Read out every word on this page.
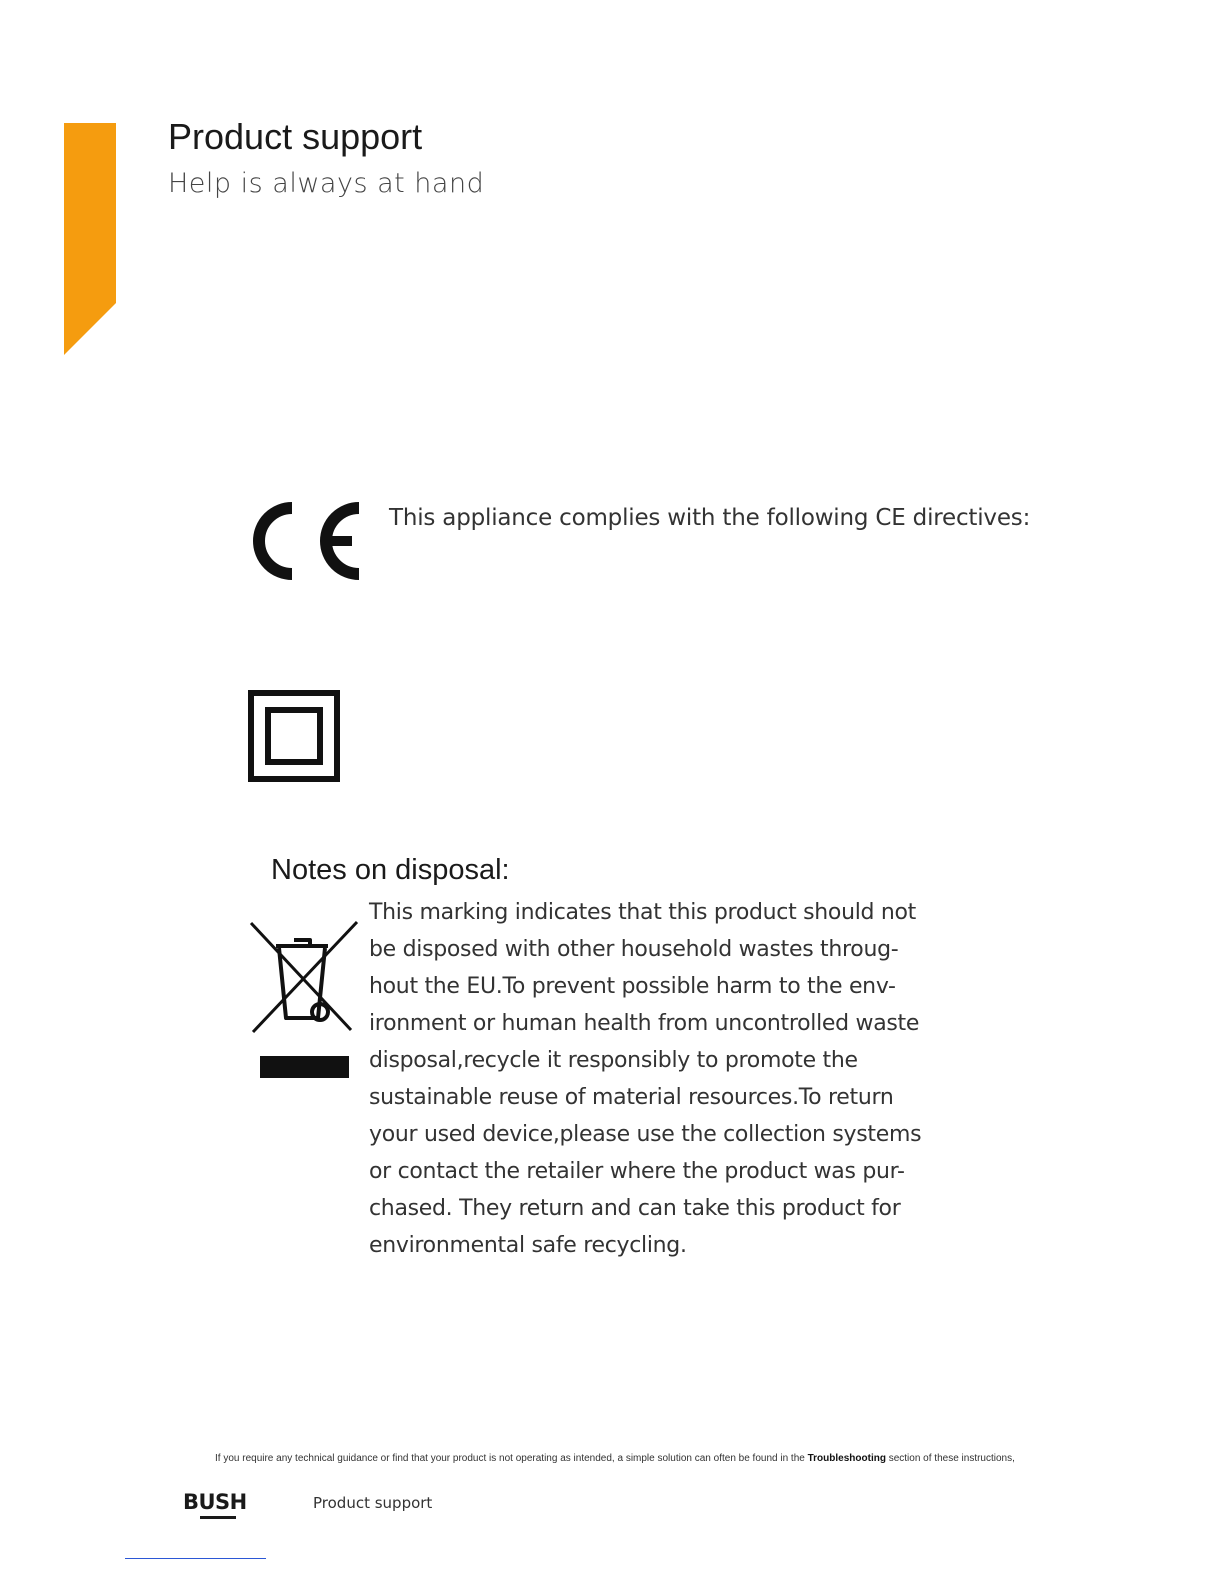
Product support

Help is always at hand

This appliance complies with the following CE directives:

Notes on disposal:
This marking indicates that this product should not
be disposed with other household wastes throug-
hout the EU.To prevent possible harm to the env-
ironment or human health from uncontrolled waste
disposal,recycle it responsibly to promote the
sustainable reuse of material resources.To return
your used device,please use the collection systems
or contact the retailer where the product was pur-
chased. They return and can take this product for
environmental safe recycling.

If you require any technical guidance or find that your product is not operating as intended, a simple solution can often be found in the Troubleshooting section of these instructions,

BUSH	Product support
